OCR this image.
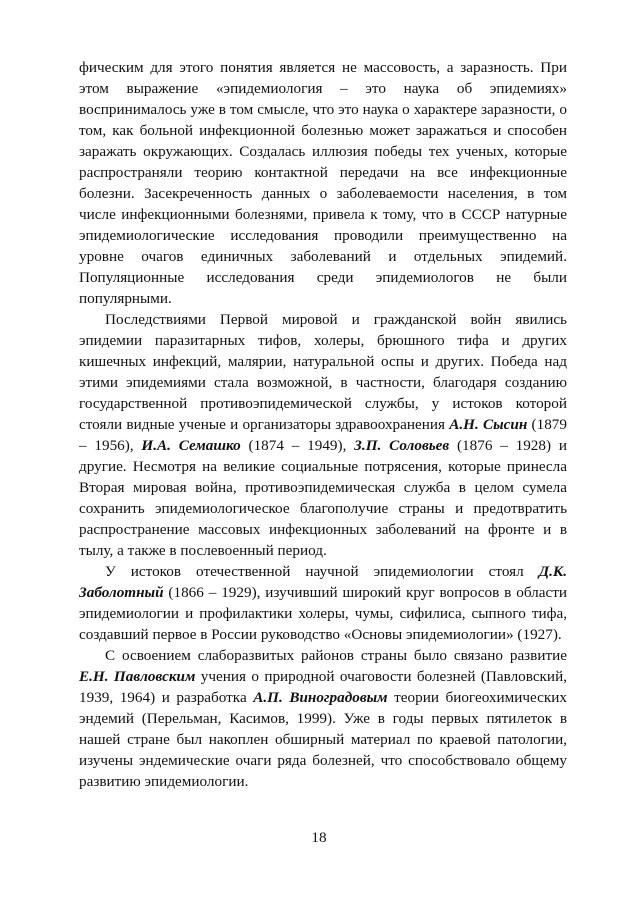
фическим для этого понятия является не массовость, а заразность. При этом выражение «эпидемиология – это наука об эпидемиях» воспринималось уже в том смысле, что это наука о характере заразности, о том, как больной инфекционной болезнью может заражаться и способен заражать окружающих. Создалась иллюзия победы тех ученых, которые распространяли теорию контактной передачи на все инфекционные болезни. Засекреченность данных о заболеваемости населения, в том числе инфекционными болезнями, привела к тому, что в СССР натурные эпидемиологические исследования проводили преимущественно на уровне очагов единичных заболеваний и отдельных эпидемий. Популяционные исследования среди эпидемиологов не были популярными.

Последствиями Первой мировой и гражданской войн явились эпидемии паразитарных тифов, холеры, брюшного тифа и других кишечных инфекций, малярии, натуральной оспы и других. Победа над этими эпидемиями стала возможной, в частности, благодаря созданию государственной противоэпидемической службы, у истоков которой стояли видные ученые и организаторы здравоохранения А.Н. Сысин (1879 – 1956), И.А. Семашко (1874 – 1949), З.П. Соловьев (1876 – 1928) и другие. Несмотря на великие социальные потрясения, которые принесла Вторая мировая война, противоэпидемическая служба в целом сумела сохранить эпидемиологическое благополучие страны и предотвратить распространение массовых инфекционных заболеваний на фронте и в тылу, а также в послевоенный период.

У истоков отечественной научной эпидемиологии стоял Д.К. Заболотный (1866 – 1929), изучивший широкий круг вопросов в области эпидемиологии и профилактики холеры, чумы, сифилиса, сыпного тифа, создавший первое в России руководство «Основы эпидемиологии» (1927).

С освоением слаборазвитых районов страны было связано развитие Е.Н. Павловским учения о природной очаговости болезней (Павловский, 1939, 1964) и разработка А.П. Виноградовым теории биогеохимических эндемий (Перельман, Касимов, 1999). Уже в годы первых пятилеток в нашей стране был накоплен обширный материал по краевой патологии, изучены эндемические очаги ряда болезней, что способствовало общему развитию эпидемиологии.

18
